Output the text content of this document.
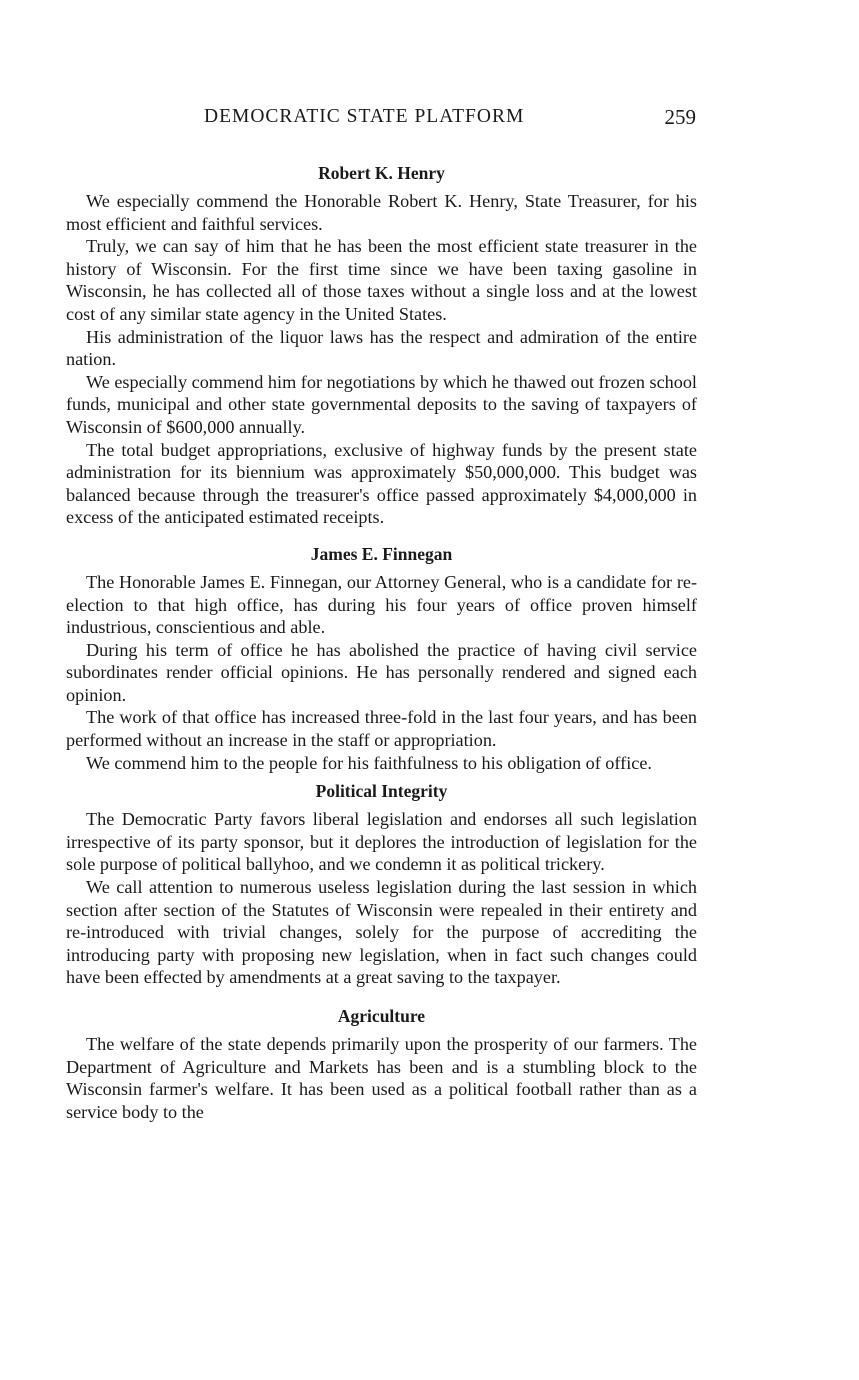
DEMOCRATIC STATE PLATFORM	259
Robert K. Henry

We especially commend the Honorable Robert K. Henry, State Treasurer, for his most efficient and faithful services.

Truly, we can say of him that he has been the most efficient state treasurer in the history of Wisconsin. For the first time since we have been taxing gasoline in Wisconsin, he has collected all of those taxes without a single loss and at the lowest cost of any similar state agency in the United States.

His administration of the liquor laws has the respect and admiration of the entire nation.

We especially commend him for negotiations by which he thawed out frozen school funds, municipal and other state governmental deposits to the saving of taxpayers of Wisconsin of $600,000 annually.

The total budget appropriations, exclusive of highway funds by the present state administration for its biennium was approximately $50,000,000. This budget was balanced because through the treasurer's office passed approximately $4,000,000 in excess of the anticipated estimated receipts.

James E. Finnegan

The Honorable James E. Finnegan, our Attorney General, who is a candidate for re-election to that high office, has during his four years of office proven himself industrious, conscientious and able.

During his term of office he has abolished the practice of having civil service subordinates render official opinions. He has personally rendered and signed each opinion.

The work of that office has increased three-fold in the last four years, and has been performed without an increase in the staff or appropriation.

We commend him to the people for his faithfulness to his obligation of office.

Political Integrity

The Democratic Party favors liberal legislation and endorses all such legislation irrespective of its party sponsor, but it deplores the introduction of legislation for the sole purpose of political ballyhoo, and we condemn it as political trickery.

We call attention to numerous useless legislation during the last session in which section after section of the Statutes of Wisconsin were repealed in their entirety and re-introduced with trivial changes, solely for the purpose of accrediting the introducing party with proposing new legislation, when in fact such changes could have been effected by amendments at a great saving to the taxpayer.

Agriculture

The welfare of the state depends primarily upon the prosperity of our farmers. The Department of Agriculture and Markets has been and is a stumbling block to the Wisconsin farmer's welfare. It has been used as a political football rather than as a service body to the
